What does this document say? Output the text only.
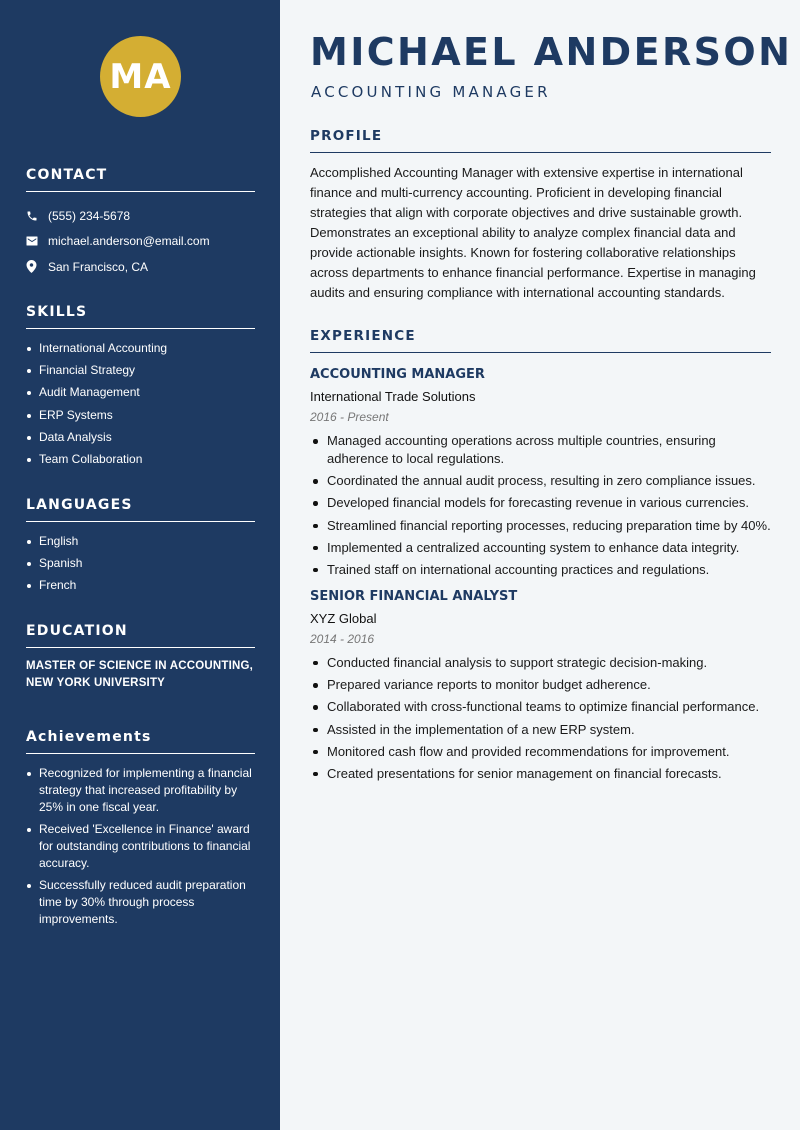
MA
CONTACT
(555) 234-5678
michael.anderson@email.com
San Francisco, CA
SKILLS
International Accounting
Financial Strategy
Audit Management
ERP Systems
Data Analysis
Team Collaboration
LANGUAGES
English
Spanish
French
EDUCATION
MASTER OF SCIENCE IN ACCOUNTING, NEW YORK UNIVERSITY
Achievements
Recognized for implementing a financial strategy that increased profitability by 25% in one fiscal year.
Received 'Excellence in Finance' award for outstanding contributions to financial accuracy.
Successfully reduced audit preparation time by 30% through process improvements.
MICHAEL ANDERSON
ACCOUNTING MANAGER
PROFILE

Accomplished Accounting Manager with extensive expertise in international finance and multi-currency accounting. Proficient in developing financial strategies that align with corporate objectives and drive sustainable growth. Demonstrates an exceptional ability to analyze complex financial data and provide actionable insights. Known for fostering collaborative relationships across departments to enhance financial performance. Expertise in managing audits and ensuring compliance with international accounting standards.

EXPERIENCE
ACCOUNTING MANAGER
International Trade Solutions
2016 - Present
Managed accounting operations across multiple countries, ensuring adherence to local regulations.
Coordinated the annual audit process, resulting in zero compliance issues.
Developed financial models for forecasting revenue in various currencies.
Streamlined financial reporting processes, reducing preparation time by 40%.
Implemented a centralized accounting system to enhance data integrity.
Trained staff on international accounting practices and regulations.
SENIOR FINANCIAL ANALYST
XYZ Global
2014 - 2016
Conducted financial analysis to support strategic decision-making.
Prepared variance reports to monitor budget adherence.
Collaborated with cross-functional teams to optimize financial performance.
Assisted in the implementation of a new ERP system.
Monitored cash flow and provided recommendations for improvement.
Created presentations for senior management on financial forecasts.
